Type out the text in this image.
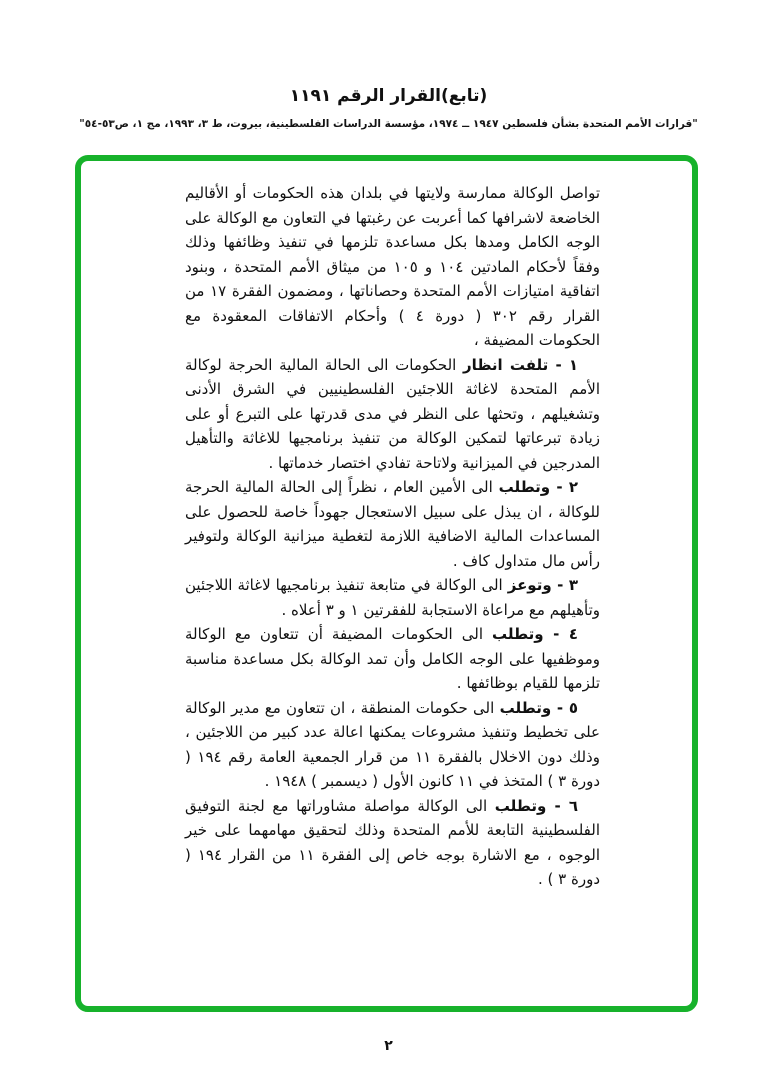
(تابع)القرار الرقم ١١٩١
"قرارات الأمم المتحدة بشأن فلسطين ١٩٤٧ ــ ١٩٧٤، مؤسسة الدراسات الفلسطينية، بيروت، ط ٣، ١٩٩٣، مج ١، ص٥٣-٥٤"

تواصل الوكالة ممارسة ولايتها في بلدان هذه الحكومات أو الأقاليم الخاضعة لاشرافها كما أعربت عن رغبتها في التعاون مع الوكالة على الوجه الكامل ومدها بكل مساعدة تلزمها في تنفيذ وظائفها وذلك وفقاً لأحكام المادتين ١٠٤ و ١٠٥ من ميثاق الأمم المتحدة ، وبنود اتفاقية امتيازات الأمم المتحدة وحصاناتها ، ومضمون الفقرة ١٧ من القرار رقم ٣٠٢ ( دورة ٤ ) وأحكام الاتفاقات المعقودة مع الحكومات المضيفة ،

١ - تلفت انظار الحكومات الى الحالة المالية الحرجة لوكالة الأمم المتحدة لاغاثة اللاجئين الفلسطينيين في الشرق الأدنى وتشغيلهم ، وتحثها على النظر في مدى قدرتها على التبرع أو على زيادة تبرعاتها لتمكين الوكالة من تنفيذ برنامجيها للاغاثة والتأهيل المدرجين في الميزانية ولاتاحة تفادي اختصار خدماتها .

٢ - وتطلب الى الأمين العام ، نظراً إلى الحالة المالية الحرجة للوكالة ، ان يبذل على سبيل الاستعجال جهوداً خاصة للحصول على المساعدات المالية الاضافية اللازمة لتغطية ميزانية الوكالة ولتوفير رأس مال متداول كاف .

٣ - وتوعز الى الوكالة في متابعة تنفيذ برنامجيها لاغاثة اللاجئين وتأهيلهم مع مراعاة الاستجابة للفقرتين ١ و ٣ أعلاه .

٤ - وتطلب الى الحكومات المضيفة أن تتعاون مع الوكالة وموظفيها على الوجه الكامل وأن تمد الوكالة بكل مساعدة مناسبة تلزمها للقيام بوظائفها .

٥ - وتطلب الى حكومات المنطقة ، ان تتعاون مع مدير الوكالة على تخطيط وتنفيذ مشروعات يمكنها اعالة عدد كبير من اللاجئين ، وذلك دون الاخلال بالفقرة ١١ من قرار الجمعية العامة رقم ١٩٤ ( دورة ٣ ) المتخذ في ١١ كانون الأول ( ديسمبر ) ١٩٤٨ .

٦ - وتطلب الى الوكالة مواصلة مشاوراتها مع لجنة التوفيق الفلسطينية التابعة للأمم المتحدة وذلك لتحقيق مهامهما على خير الوجوه ، مع الاشارة بوجه خاص إلى الفقرة ١١ من القرار ١٩٤ ( دورة ٣ ) .

٢
